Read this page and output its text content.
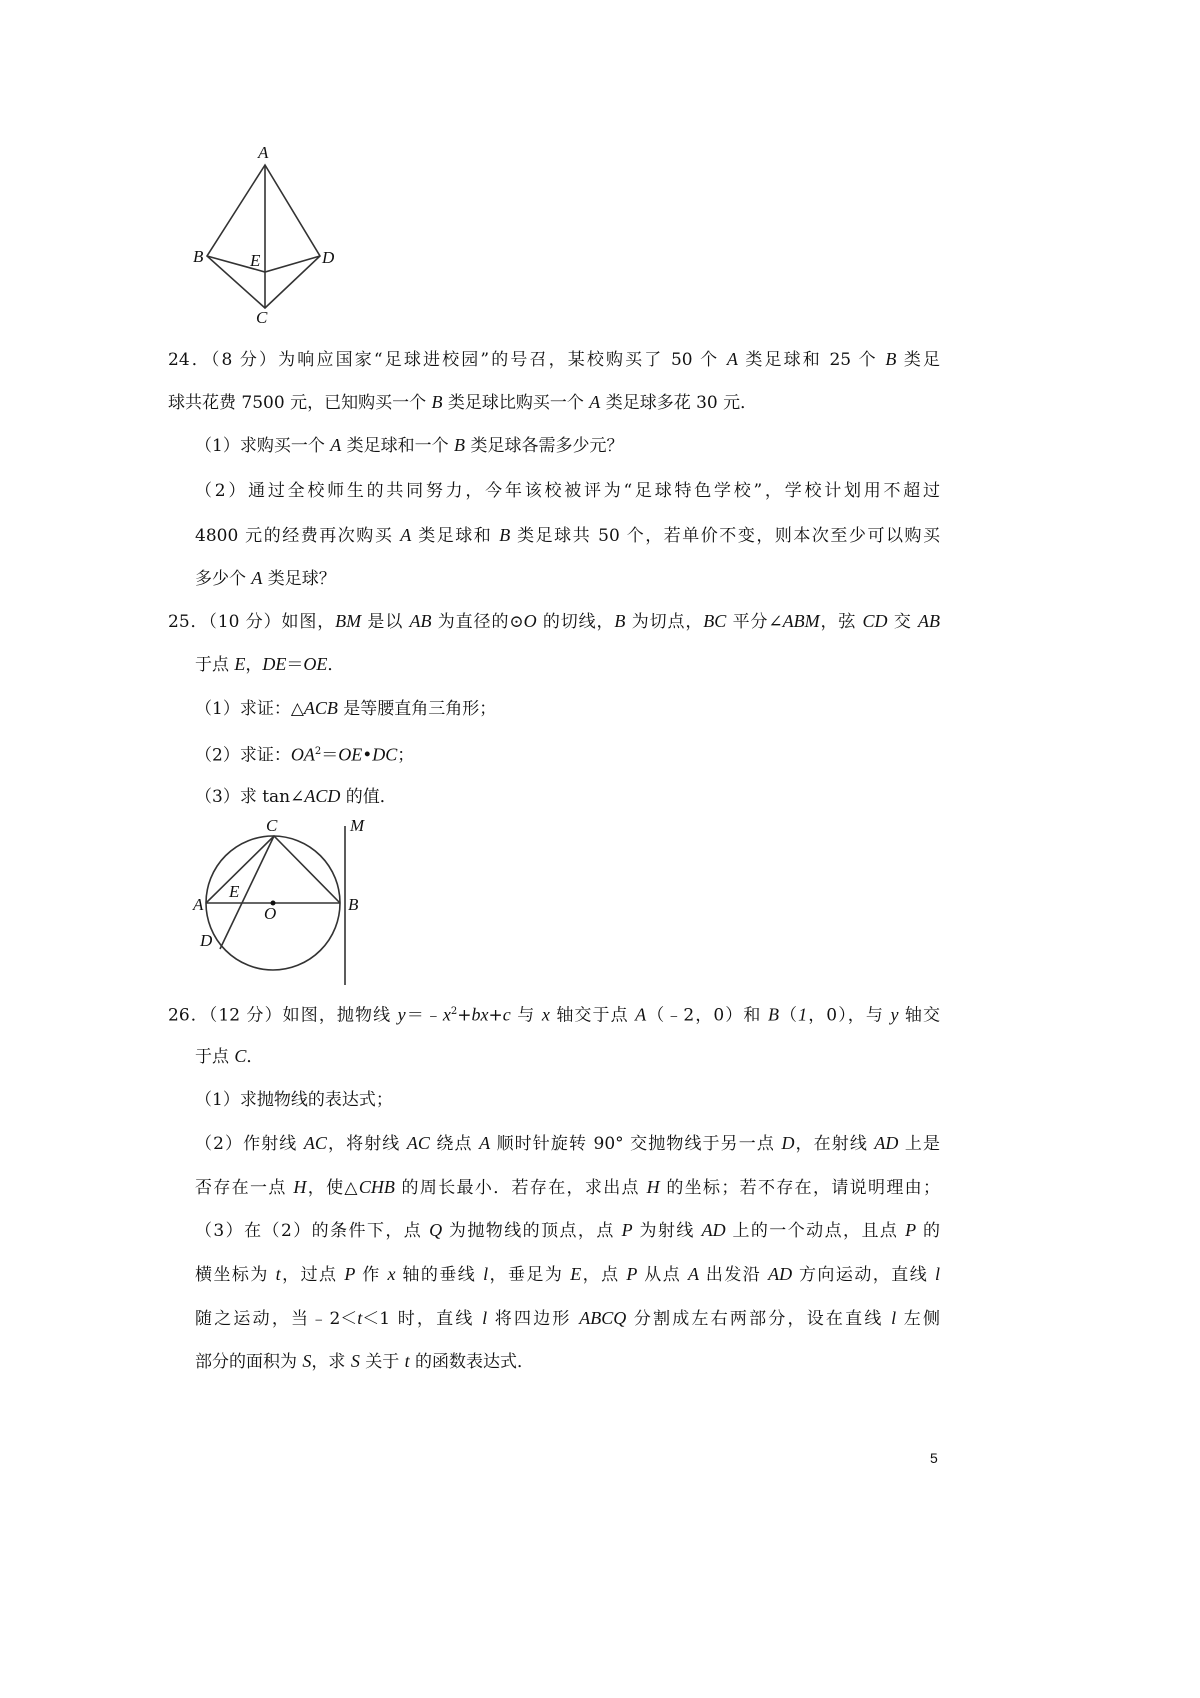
A
B	E	D
C
C	M
E
A	O	B
D
24．（8 分）为响应国家“足球进校园”的号召，某校购买了 50 个 A 类足球和 25 个 B 类足
球共花费 7500 元，已知购买一个 B 类足球比购买一个 A 类足球多花 30 元．
（1）求购买一个 A 类足球和一个 B 类足球各需多少元？
（2）通过全校师生的共同努力，今年该校被评为“足球特色学校”，学校计划用不超过
4800 元的经费再次购买 A 类足球和 B 类足球共 50 个，若单价不变，则本次至少可以购买
多少个 A 类足球？
25．（10 分）如图，BM 是以 AB 为直径的⊙O 的切线，B 为切点，BC 平分∠ABM，弦 CD 交 AB
于点 E，DE＝OE．
（1）求证：△ACB 是等腰直角三角形；
（2）求证：$OA^2=OE•DC$；
（3）求 tan∠ACD 的值．
26．（12 分）如图，抛物线 $y=﹣x^2+bx+c$ 与 x 轴交于点 A（﹣2，0）和 B（1，0），与 y 轴交
于点 C．
（1）求抛物线的表达式；
（2）作射线 AC，将射线 AC 绕点 A 顺时针旋转 90° 交抛物线于另一点 D，在射线 AD 上是
否存在一点 H，使△CHB 的周长最小．若存在，求出点 H 的坐标；若不存在，请说明理由；
（3）在（2）的条件下，点 Q 为抛物线的顶点，点 P 为射线 AD 上的一个动点，且点 P 的
横坐标为 t，过点 P 作 x 轴的垂线 l，垂足为 E，点 P 从点 A 出发沿 AD 方向运动，直线 l
随之运动，当﹣2＜t＜1 时，直线 l 将四边形 ABCQ 分割成左右两部分，设在直线 l 左侧
部分的面积为 S，求 S 关于 t 的函数表达式．
5
